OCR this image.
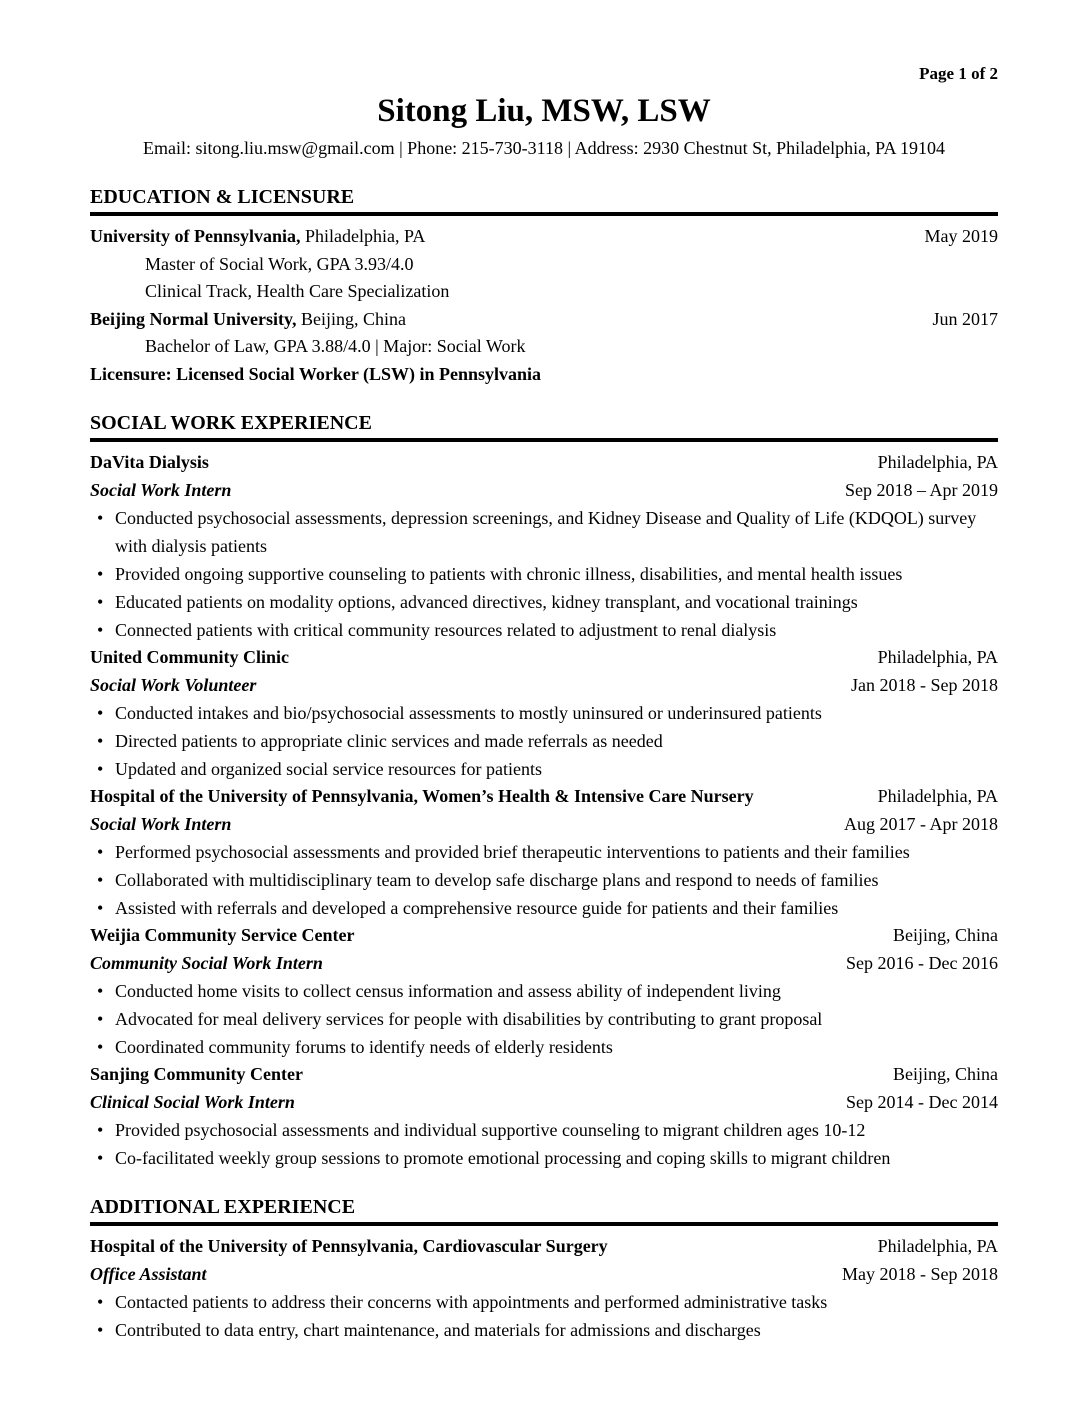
Page 1 of 2
Sitong Liu, MSW, LSW
Email: sitong.liu.msw@gmail.com | Phone: 215-730-3118 | Address: 2930 Chestnut St, Philadelphia, PA 19104
EDUCATION & LICENSURE
University of Pennsylvania, Philadelphia, PA	May 2019
Master of Social Work, GPA 3.93/4.0
Clinical Track, Health Care Specialization
Beijing Normal University, Beijing, China	Jun 2017
Bachelor of Law, GPA 3.88/4.0 | Major: Social Work
Licensure: Licensed Social Worker (LSW) in Pennsylvania
SOCIAL WORK EXPERIENCE
DaVita Dialysis	Philadelphia, PA
Social Work Intern	Sep 2018 – Apr 2019
• Conducted psychosocial assessments, depression screenings, and Kidney Disease and Quality of Life (KDQOL) survey with dialysis patients
• Provided ongoing supportive counseling to patients with chronic illness, disabilities, and mental health issues
• Educated patients on modality options, advanced directives, kidney transplant, and vocational trainings
• Connected patients with critical community resources related to adjustment to renal dialysis
United Community Clinic	Philadelphia, PA
Social Work Volunteer	Jan 2018 - Sep 2018
• Conducted intakes and bio/psychosocial assessments to mostly uninsured or underinsured patients
• Directed patients to appropriate clinic services and made referrals as needed
• Updated and organized social service resources for patients
Hospital of the University of Pennsylvania, Women’s Health & Intensive Care Nursery	Philadelphia, PA
Social Work Intern	Aug 2017 - Apr 2018
• Performed psychosocial assessments and provided brief therapeutic interventions to patients and their families
• Collaborated with multidisciplinary team to develop safe discharge plans and respond to needs of families
• Assisted with referrals and developed a comprehensive resource guide for patients and their families
Weijia Community Service Center	Beijing, China
Community Social Work Intern	Sep 2016 - Dec 2016
• Conducted home visits to collect census information and assess ability of independent living
• Advocated for meal delivery services for people with disabilities by contributing to grant proposal
• Coordinated community forums to identify needs of elderly residents
Sanjing Community Center	Beijing, China
Clinical Social Work Intern	Sep 2014 - Dec 2014
• Provided psychosocial assessments and individual supportive counseling to migrant children ages 10-12
• Co-facilitated weekly group sessions to promote emotional processing and coping skills to migrant children
ADDITIONAL EXPERIENCE
Hospital of the University of Pennsylvania, Cardiovascular Surgery	Philadelphia, PA
Office Assistant	May 2018 - Sep 2018
• Contacted patients to address their concerns with appointments and performed administrative tasks
• Contributed to data entry, chart maintenance, and materials for admissions and discharges
